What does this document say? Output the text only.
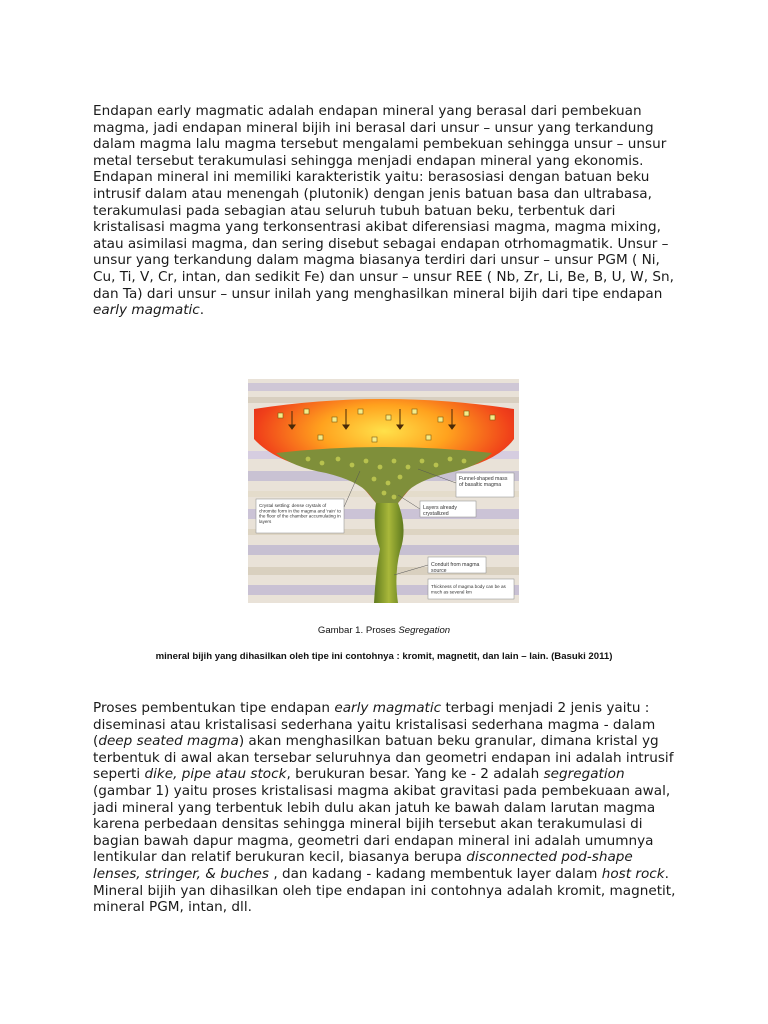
Endapan early magmatic adalah endapan mineral yang berasal dari pembekuan magma, jadi endapan mineral bijih ini berasal dari unsur – unsur yang terkandung dalam magma lalu magma tersebut mengalami pembekuan sehingga unsur – unsur metal tersebut terakumulasi sehingga menjadi endapan mineral yang ekonomis. Endapan mineral ini memiliki karakteristik yaitu: berasosiasi dengan batuan beku intrusif dalam atau menengah (plutonik) dengan jenis batuan basa dan ultrabasa, terakumulasi pada sebagian atau seluruh tubuh batuan beku, terbentuk dari kristalisasi magma yang terkonsentrasi akibat diferensiasi magma, magma mixing, atau asimilasi magma, dan sering disebut sebagai endapan otrhomagmatik. Unsur – unsur yang terkandung dalam magma biasanya terdiri dari unsur – unsur PGM ( Ni, Cu, Ti, V, Cr, intan, dan sedikit Fe) dan unsur – unsur REE ( Nb, Zr, Li, Be, B, U, W, Sn, dan Ta) dari unsur – unsur inilah yang menghasilkan mineral bijih dari tipe endapan early magmatic.

Funnel-shaped mass of basaltic magma
Layers already crystallized
Crystal settling: dense crystals of chromite form in the magma and 'rain' to the floor of the chamber accumulating in layers
Conduit from magma source
Thickness of magma body can be as much as several km
Gambar 1. Proses Segregation
mineral bijih yang dihasilkan oleh tipe ini contohnya : kromit, magnetit, dan lain – lain. (Basuki 2011)

Proses pembentukan tipe endapan early magmatic terbagi menjadi 2 jenis yaitu : diseminasi atau kristalisasi sederhana yaitu kristalisasi sederhana magma - dalam (deep seated magma) akan menghasilkan batuan beku granular, dimana kristal yg terbentuk di awal akan tersebar seluruhnya dan geometri endapan ini adalah intrusif seperti dike, pipe atau stock, berukuran besar. Yang ke - 2 adalah segregation (gambar 1) yaitu proses kristalisasi magma akibat gravitasi pada pembekuaan awal, jadi mineral yang terbentuk lebih dulu akan jatuh ke bawah dalam larutan magma karena perbedaan densitas sehingga mineral bijih tersebut akan terakumulasi di bagian bawah dapur magma, geometri dari endapan mineral ini adalah umumnya lentikular dan relatif berukuran kecil, biasanya berupa disconnected pod-shape lenses, stringer, & buches , dan kadang - kadang membentuk layer dalam host rock. Mineral bijih yan dihasilkan oleh tipe endapan ini contohnya adalah kromit, magnetit, mineral PGM, intan, dll.
